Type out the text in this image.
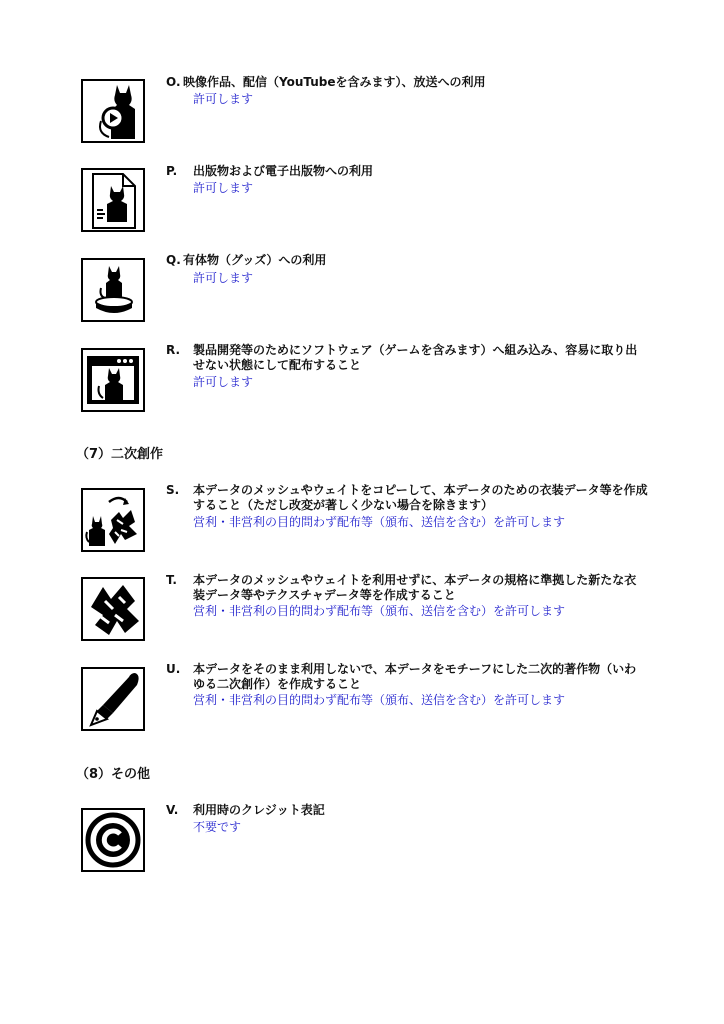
O. 映像作品、配信（YouTubeを含みます）、放送への利用
許可します
P. 出版物および電子出版物への利用
許可します
Q. 有体物（グッズ）への利用
許可します
R. 製品開発等のためにソフトウェア（ゲームを含みます）へ組み込み、容易に取り出せない状態にして配布すること
許可します
（7）二次創作
S. 本データのメッシュやウェイトをコピーして、本データのための衣装データ等を作成すること（ただし改変が著しく少ない場合を除きます）
営利・非営利の目的問わず配布等（頒布、送信を含む）を許可します
T. 本データのメッシュやウェイトを利用せずに、本データの規格に準拠した新たな衣装データ等やテクスチャデータ等を作成すること
営利・非営利の目的問わず配布等（頒布、送信を含む）を許可します
U. 本データをそのまま利用しないで、本データをモチーフにした二次的著作物（いわゆる二次創作）を作成すること
営利・非営利の目的問わず配布等（頒布、送信を含む）を許可します
（8）その他
V. 利用時のクレジット表記
不要です
